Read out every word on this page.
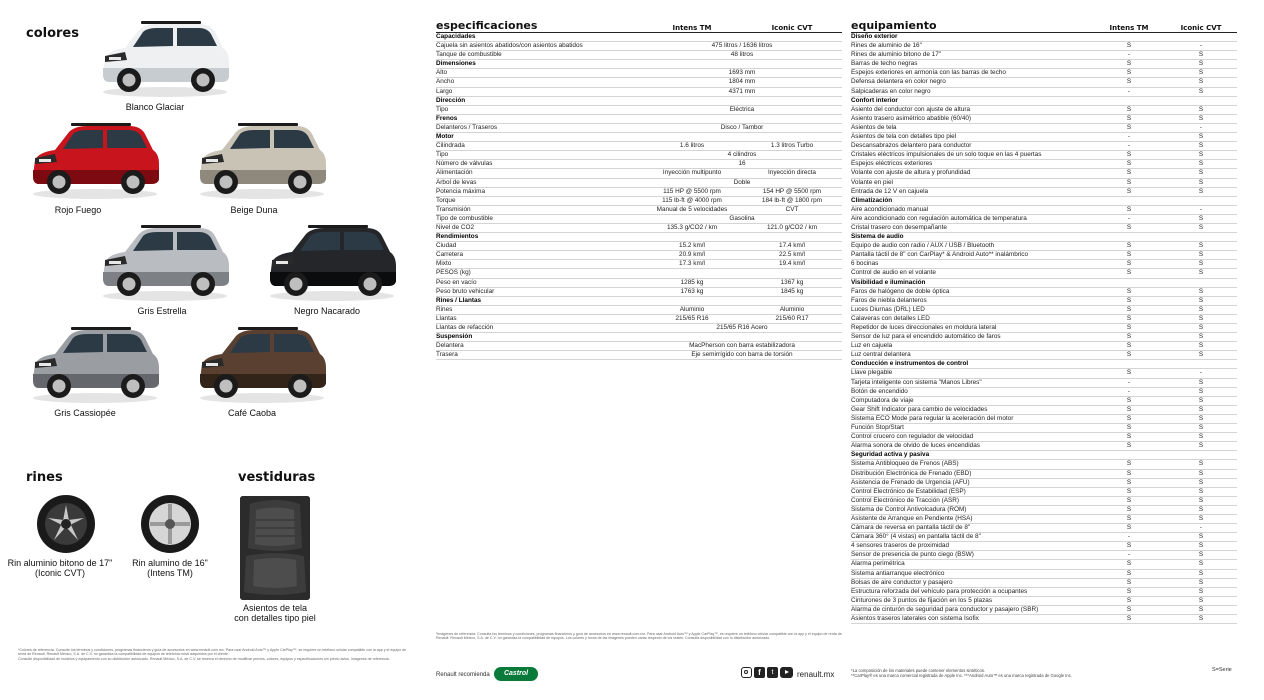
colores
Blanco Glaciar
Rojo Fuego	Beige Duna
Gris Estrella	Negro Nacarado
Gris Cassiopée	Café Caoba
rines
Rin aluminio bitono de 17"
(Iconic CVT)
Rin alumino de 16"
(Intens TM)
vestiduras
Asientos de tela
con detalles tipo piel
*Colores de referencia. Consulte los términos y condiciones, programas financieros y guía de accesorios en www.renault.com.mx. Para usar Android Auto™ y Apple CarPlay™, se requiere un teléfono celular compatible con la app y el equipo de renta de Renault. Renault México, S.A. de C.V. no garantiza la compatibilidad de equipos de telefonía móvil adquiridos por el cliente.
Consulte disponibilidad de modelos y equipamiento con su distribuidor autorizado. Renault México, S.A. de C.V. se reserva el derecho de modificar precios, colores, equipos y especificaciones sin previo aviso. Imágenes de referencia.
especificaciones	Intens TM	Iconic CVT
Capacidades
Cajuela sin asientos abatidos/con asientos abatidos	475 litros / 1636 litros
Tanque de combustible	48 litros
Dimensiones
Alto	1693 mm
Ancho	1804 mm
Largo	4371 mm
Dirección
Tipo	Eléctrica
Frenos
Delanteros / Traseros	Disco / Tambor
Motor
Cilindrada	1.6 litros	1.3 litros Turbo
Tipo	4 cilindros
Número de válvulas	16
Alimentación	Inyección multipunto	Inyección directa
Árbol de levas	Doble
Potencia máxima	115 HP @ 5500 rpm	154 HP @ 5500 rpm
Torque	115 lb-ft @ 4000 rpm	184 lb-ft @ 1800 rpm
Transmisión	Manual de 5 velocidades	CVT
Tipo de combustible	Gasolina
Nivel de CO2	135.3 g/CO2 / km	121.0 g/CO2 / km
Rendimientos
Ciudad	15.2 km/l	17.4 km/l
Carretera	20.9 km/l	22.5 km/l
Mixto	17.3 km/l	19.4 km/l
PESOS (kg)
Peso en vacío	1285 kg	1367 kg
Peso bruto vehicular	1763 kg	1845 kg
Rines / Llantas
Rines	Aluminio	Aluminio
Llantas	215/65 R16	215/60 R17
Llantas de refacción	215/65 R16 Acero
Suspensión
Delantera	MacPherson con barra estabilizadora
Trasera	Eje semirrígido con barra de torsión
*Imágenes de referencia. Consulta los términos y condiciones, programas financieros y guía de accesorios en www.renault.com.mx. Para usar Android Auto™ y Apple CarPlay™, es requiere un teléfono celular compatible con la app y el equipo de renta de Renault. Renault México, S.A. de C.V. no garantiza la compatibilidad de equipos. Los colores y tonos de las imágenes pueden variar respecto de los reales. Consulta disponibilidad con tu distribuidor autorizado.
Renault recomienda	Castrol	f	t	renault.mx
equipamiento	Intens TM	Iconic CVT
Diseño exterior
Rines de aluminio de 16"	S	-
Rines de aluminio bitono de 17"	-	S
Barras de techo negras	S	S
Espejos exteriores en armonía con las barras de techo	S	S
Defensa delantera en color negro	S	S
Salpicaderas en color negro	-	S
Confort interior
Asiento del conductor con ajuste de altura	S	S
Asiento trasero asimétrico abatible (60/40)	S	S
Asientos de tela	S	-
Asientos de tela con detalles tipo piel	-	S
Descansabrazos delantero para conductor	-	S
Cristales eléctricos impulsionales de un solo toque en las 4 puertas	S	S
Espejos eléctricos exteriores	S	S
Volante con ajuste de altura y profundidad	S	S
Volante en piel	S	S
Entrada de 12 V en cajuela	S	S
Climatización
Aire acondicionado manual	S	-
Aire acondicionado con regulación automática de temperatura	-	S
Cristal trasero con desempañante	S	S
Sistema de audio
Equipo de audio con radio / AUX / USB / Bluetooth	S	S
Pantalla táctil de 8" con CarPlay* & Android Auto** inalámbrico	S	S
6 bocinas	S	S
Control de audio en el volante	S	S
Visibilidad e iluminación
Faros de halógeno de doble óptica	S	S
Faros de niebla delanteros	S	S
Luces Diurnas (DRL) LED	S	S
Calaveras con detalles LED	S	S
Repetidor de luces direccionales en moldura lateral	S	S
Sensor de luz para el encendido automático de faros	S	S
Luz en cajuela	S	S
Luz central delantera	S	S
Conducción e instrumentos de control
Llave plegable	S	-
Tarjeta inteligente con sistema "Manos Libres"	-	S
Botón de encendido	-	S
Computadora de viaje	S	S
Gear Shift Indicator para cambio de velocidades	S	S
Sistema ECO Mode para regular la aceleración del motor	S	S
Función Stop/Start	S	S
Control crucero con regulador de velocidad	S	S
Alarma sonora de olvido de luces encendidas	S	S
Seguridad activa y pasiva
Sistema Antibloqueo de Frenos (ABS)	S	S
Distribución Electrónica de Frenado (EBD)	S	S
Asistencia de Frenado de Urgencia (AFU)	S	S
Control Electrónico de Estabilidad (ESP)	S	S
Control Electrónico de Tracción (ASR)	S	S
Sistema de Control Antivolcadura (ROM)	S	S
Asistente de Arranque en Pendiente (HSA)	S	S
Cámara de reversa en pantalla táctil de 8"	S	-
Cámara 360° (4 vistas) en pantalla táctil de 8"	-	S
4 sensores traseros de proximidad	S	S
Sensor de presencia de punto ciego (BSW)	-	S
Alarma perimétrica	S	S
Sistema antiarranque electrónico	S	S
Bolsas de aire conductor y pasajero	S	S
Estructura reforzada del vehículo para protección a ocupantes	S	S
Cinturones de 3 puntos de fijación en los 5 plazas	S	S
Alarma de cinturón de seguridad para conductor y pasajero (SBR)	S	S
Asientos traseros laterales con sistema Isofix	S	S
*La composición de los materiales puede contener elementos sintéticos.
**CarPlay® es una marca comercial registrada de Apple Inc. ***Android Auto™ es una marca registrada de Google Inc.
S=Serie
